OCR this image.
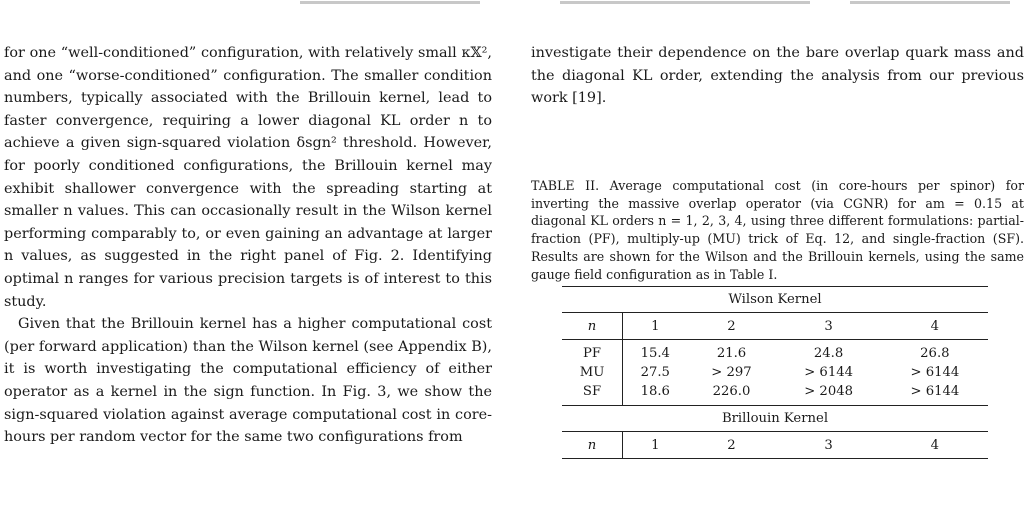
for one “well-conditioned” configuration, with relatively small κ𝕏², and one “worse-conditioned” configuration. The smaller condition numbers, typically associated with the Brillouin kernel, lead to faster convergence, requiring a lower diagonal KL order n to achieve a given sign-squared violation δsgn² threshold. However, for poorly conditioned configurations, the Brillouin kernel may exhibit shallower convergence with the spreading starting at smaller n values. This can occasionally result in the Wilson kernel performing comparably to, or even gaining an advantage at larger n values, as suggested in the right panel of Fig. 2. Identifying optimal n ranges for various precision targets is of interest to this study.

Given that the Brillouin kernel has a higher computational cost (per forward application) than the Wilson kernel (see Appendix B), it is worth investigating the computational efficiency of either operator as a kernel in the sign function. In Fig. 3, we show the sign-squared violation against average computational cost in core-hours per random vector for the same two configurations from

investigate their dependence on the bare overlap quark mass and the diagonal KL order, extending the analysis from our previous work [19].

TABLE II. Average computational cost (in core-hours per spinor) for inverting the massive overlap operator (via CGNR) for am = 0.15 at diagonal KL orders n = 1, 2, 3, 4, using three different formulations: partial-fraction (PF), multiply-up (MU) trick of Eq. 12, and single-fraction (SF). Results are shown for the Wilson and the Brillouin kernels, using the same gauge field configuration as in Table I.

Wilson Kernel				
n	1	2	3	4
PF	15.4	21.6	24.8	26.8
MU	27.5	> 297	> 6144	> 6144
SF	18.6	226.0	> 2048	> 6144
Brillouin Kernel				
n	1	2	3	4
